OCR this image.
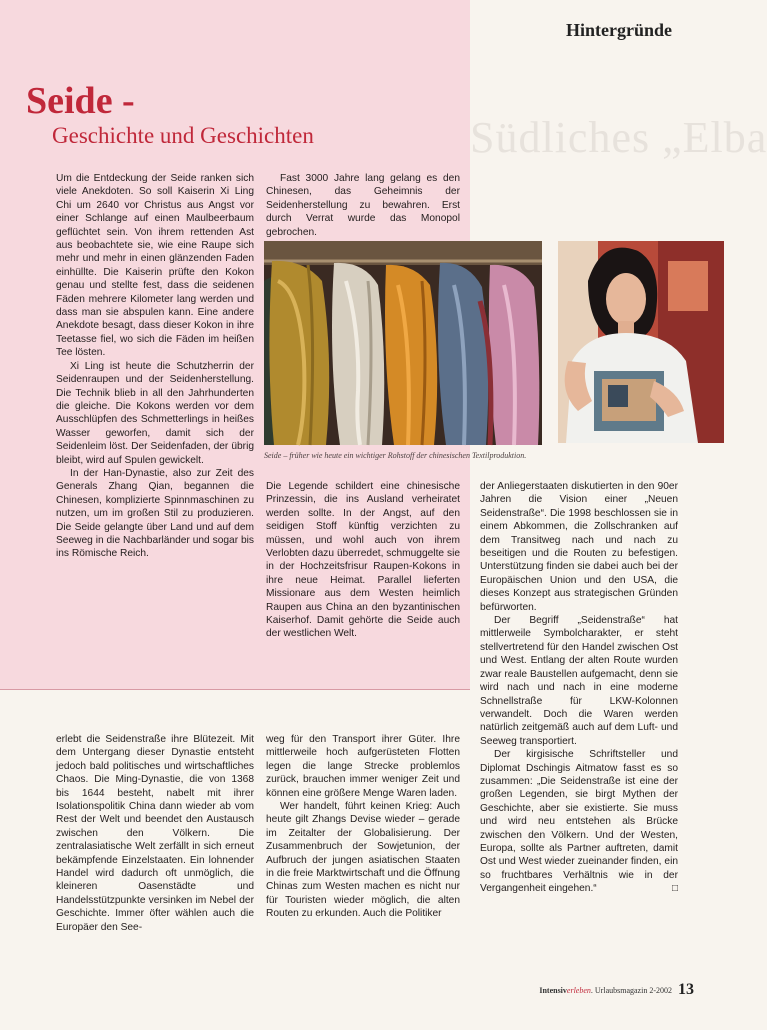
Südliches „Elba
Hintergründe
Seide -
Geschichte und Geschichten

Um die Entdeckung der Seide ranken sich viele Anekdoten. So soll Kaiserin Xi Ling Chi um 2640 vor Christus aus Angst vor einer Schlange auf einen Maulbeerbaum geflüchtet sein. Von ihrem rettenden Ast aus beobachtete sie, wie eine Raupe sich mehr und mehr in einen glänzenden Faden einhüllte. Die Kaiserin prüfte den Kokon genau und stellte fest, dass die seidenen Fäden mehrere Kilometer lang werden und dass man sie abspulen kann. Eine andere Anekdote besagt, dass dieser Kokon in ihre Teetasse fiel, wo sich die Fäden im heißen Tee lösten.

Xi Ling ist heute die Schutzherrin der Seidenraupen und der Seidenherstellung. Die Technik blieb in all den Jahrhunderten die gleiche. Die Kokons werden vor dem Ausschlüpfen des Schmetterlings in heißes Wasser geworfen, damit sich der Seidenleim löst. Der Seidenfaden, der übrig bleibt, wird auf Spulen gewickelt.

In der Han-Dynastie, also zur Zeit des Generals Zhang Qian, begannen die Chinesen, komplizierte Spinnmaschinen zu nutzen, um im großen Stil zu produzieren. Die Seide gelangte über Land und auf dem Seeweg in die Nachbarländer und sogar bis ins Römische Reich.

Fast 3000 Jahre lang gelang es den Chinesen, das Geheimnis der Seidenherstellung zu bewahren. Erst durch Verrat wurde das Monopol gebrochen.

Seide – früher wie heute ein wichtiger Rohstoff der chinesischen Textilproduktion.

Die Legende schildert eine chinesische Prinzessin, die ins Ausland verheiratet werden sollte. In der Angst, auf den seidigen Stoff künftig verzichten zu müssen, und wohl auch von ihrem Verlobten dazu überredet, schmuggelte sie in der Hochzeitsfrisur Raupen-Kokons in ihre neue Heimat. Parallel lieferten Missionare aus dem Westen heimlich Raupen aus China an den byzantinischen Kaiserhof. Damit gehörte die Seide auch der westlichen Welt.

der Anliegerstaaten diskutierten in den 90er Jahren die Vision einer „Neuen Seidenstraße“. Die 1998 beschlossen sie in einem Abkommen, die Zollschranken auf dem Transitweg nach und nach zu beseitigen und die Routen zu befestigen. Unterstützung finden sie dabei auch bei der Europäischen Union und den USA, die dieses Konzept aus strategischen Gründen befürworten.

Der Begriff „Seidenstraße“ hat mittlerweile Symbolcharakter, er steht stellvertretend für den Handel zwischen Ost und West. Entlang der alten Route wurden zwar reale Baustellen aufgemacht, denn sie wird nach und nach in eine moderne Schnellstraße für LKW-Kolonnen verwandelt. Doch die Waren werden natürlich zeitgemäß auch auf dem Luft- und Seeweg transportiert.

Der kirgisische Schriftsteller und Diplomat Dschingis Aitmatow fasst es so zusammen: „Die Seidenstraße ist eine der großen Legenden, sie birgt Mythen der Geschichte, aber sie existierte. Sie muss und wird neu entstehen als Brücke zwischen den Völkern. Und der Westen, Europa, sollte als Partner auftreten, damit Ost und West wieder zueinander finden, ein so fruchtbares Verhältnis wie in der Vergangenheit eingehen.“ □

erlebt die Seidenstraße ihre Blütezeit. Mit dem Untergang dieser Dynastie entsteht jedoch bald politisches und wirtschaftliches Chaos. Die Ming-Dynastie, die von 1368 bis 1644 besteht, nabelt mit ihrer Isolationspolitik China dann wieder ab vom Rest der Welt und beendet den Austausch zwischen den Völkern. Die zentralasiatische Welt zerfällt in sich erneut bekämpfende Einzelstaaten. Ein lohnender Handel wird dadurch oft unmöglich, die kleineren Oasenstädte und Handelsstützpunkte versinken im Nebel der Geschichte. Immer öfter wählen auch die Europäer den See-

weg für den Transport ihrer Güter. Ihre mittlerweile hoch aufgerüsteten Flotten legen die lange Strecke problemlos zurück, brauchen immer weniger Zeit und können eine größere Menge Waren laden.

Wer handelt, führt keinen Krieg: Auch heute gilt Zhangs Devise wieder – gerade im Zeitalter der Globalisierung. Der Zusammenbruch der Sowjetunion, der Aufbruch der jungen asiatischen Staaten in die freie Marktwirtschaft und die Öffnung Chinas zum Westen machen es nicht nur für Touristen wieder möglich, die alten Routen zu erkunden. Auch die Politiker

Intensiverleben. Urlaubsmagazin 2-2002 13
